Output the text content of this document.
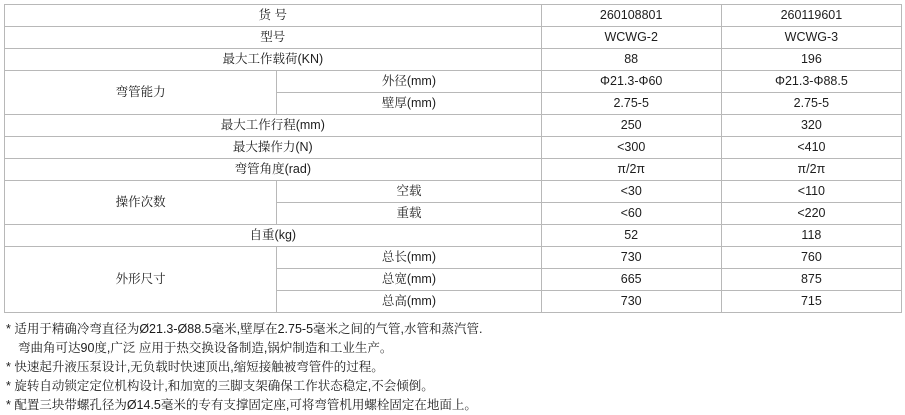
货 号		260108801	260119601
型号		WCWG-2	WCWG-3
最大工作载荷(KN)		88	196
弯管能力	外径(mm)	Φ21.3-Φ60	Φ21.3-Φ88.5
	壁厚(mm)	2.75-5	2.75-5
最大工作行程(mm)		250	320
最大操作力(N)		<300	<410
弯管角度(rad)		π/2π	π/2π
操作次数	空载	<30	<110
	重载	<60	<220
自重(kg)		52	118
外形尺寸	总长(mm)	730	760
	总宽(mm)	665	875
	总高(mm)	730	715

* 适用于精确冷弯直径为Ø21.3-Ø88.5毫米,壁厚在2.75-5毫米之间的气管,水管和蒸汽管.

弯曲角可达90度,广泛 应用于热交换设备制造,锅炉制造和工业生产。

* 快速起升液压泵设计,无负载时快速顶出,缩短接触被弯管件的过程。

* 旋转自动锁定定位机构设计,和加宽的三脚支架确保工作状态稳定,不会倾倒。

* 配置三块带螺孔径为Ø14.5毫米的专有支撑固定座,可将弯管机用螺栓固定在地面上。
